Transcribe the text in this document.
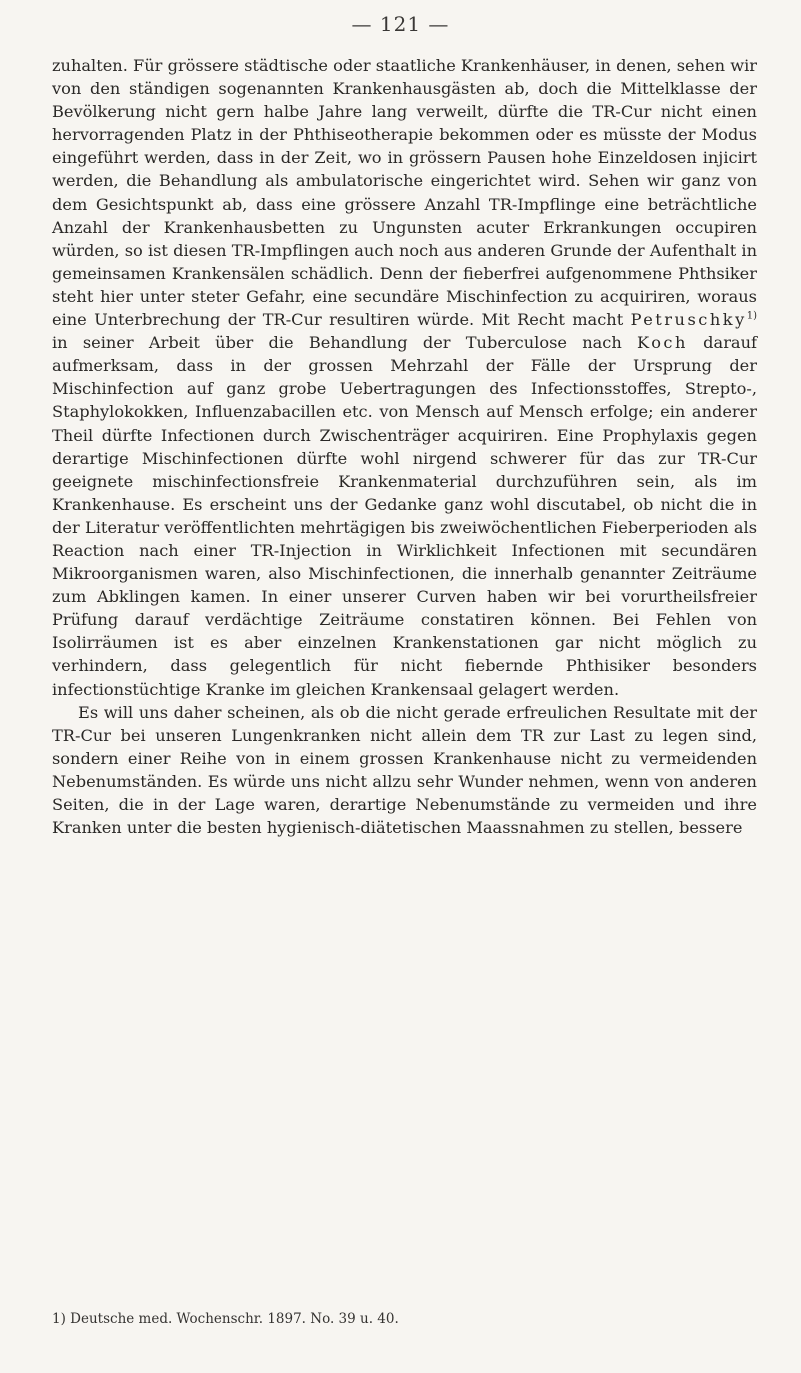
— 121 —

zuhalten. Für grössere städtische oder staatliche Krankenhäuser, in denen, sehen wir von den ständigen sogenannten Krankenhausgästen ab, doch die Mittelklasse der Bevölkerung nicht gern halbe Jahre lang verweilt, dürfte die TR-Cur nicht einen hervorragenden Platz in der Phthiseotherapie bekommen oder es müsste der Modus eingeführt werden, dass in der Zeit, wo in grössern Pausen hohe Einzeldosen injicirt werden, die Behandlung als ambulatorische eingerichtet wird. Sehen wir ganz von dem Gesichtspunkt ab, dass eine grössere Anzahl TR-Impflinge eine beträchtliche Anzahl der Krankenhausbetten zu Ungunsten acuter Erkrankungen occupiren würden, so ist diesen TR-Impflingen auch noch aus anderen Grunde der Aufenthalt in gemeinsamen Krankensälen schädlich. Denn der fieberfrei aufgenommene Phthsiker steht hier unter steter Gefahr, eine secundäre Mischinfection zu acquiriren, woraus eine Unterbrechung der TR-Cur resultiren würde. Mit Recht macht Petruschky$^{1)}$ in seiner Arbeit über die Behandlung der Tuberculose nach Koch darauf aufmerksam, dass in der grossen Mehrzahl der Fälle der Ursprung der Mischinfection auf ganz grobe Uebertragungen des Infectionsstoffes, Strepto-, Staphylokokken, Influenzabacillen etc. von Mensch auf Mensch erfolge; ein anderer Theil dürfte Infectionen durch Zwischenträger acquiriren. Eine Prophylaxis gegen derartige Mischinfectionen dürfte wohl nirgend schwerer für das zur TR-Cur geeignete mischinfectionsfreie Krankenmaterial durchzuführen sein, als im Krankenhause. Es erscheint uns der Gedanke ganz wohl discutabel, ob nicht die in der Literatur veröffentlichten mehrtägigen bis zweiwöchentlichen Fieberperioden als Reaction nach einer TR-Injection in Wirklichkeit Infectionen mit secundären Mikroorganismen waren, also Mischinfectionen, die innerhalb genannter Zeiträume zum Abklingen kamen. In einer unserer Curven haben wir bei vorurtheilsfreier Prüfung darauf verdächtige Zeiträume constatiren können. Bei Fehlen von Isolirräumen ist es aber einzelnen Krankenstationen gar nicht möglich zu verhindern, dass gelegentlich für nicht fiebernde Phthisiker besonders infectionstüchtige Kranke im gleichen Krankensaal gelagert werden.

Es will uns daher scheinen, als ob die nicht gerade erfreulichen Resultate mit der TR-Cur bei unseren Lungenkranken nicht allein dem TR zur Last zu legen sind, sondern einer Reihe von in einem grossen Krankenhause nicht zu vermeidenden Nebenumständen. Es würde uns nicht allzu sehr Wunder nehmen, wenn von anderen Seiten, die in der Lage waren, derartige Nebenumstände zu vermeiden und ihre Kranken unter die besten hygienisch-diätetischen Maassnahmen zu stellen, bessere

1) Deutsche med. Wochenschr. 1897. No. 39 u. 40.
